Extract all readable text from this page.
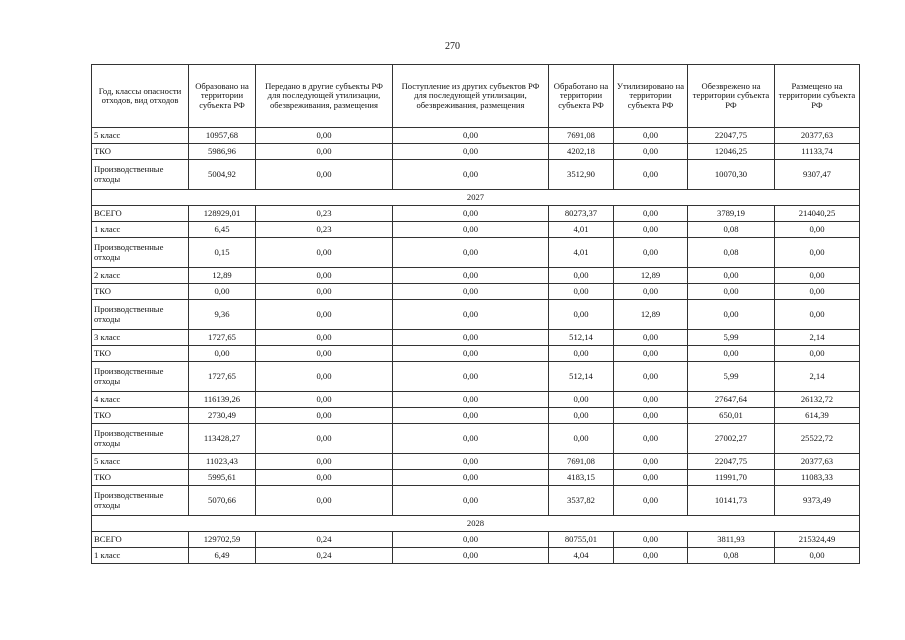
270
Год, классы опасности отходов, вид отходов	Образовано на территории субъекта РФ	Передано в другие субъекты РФ для последующей утилизации, обезвреживания, размещения	Поступление из других субъектов РФ для последующей утилизации, обезвреживания, размещения	Обработано на территории субъекта РФ	Утилизировано на территории субъекта РФ	Обезврежено на территории субъекта РФ	Размещено на территории субъекта РФ
5 класс	10957,68	0,00	0,00	7691,08	0,00	22047,75	20377,63
ТКО	5986,96	0,00	0,00	4202,18	0,00	12046,25	11133,74
Производственные отходы	5004,92	0,00	0,00	3512,90	0,00	10070,30	9307,47
2027							
ВСЕГО	128929,01	0,23	0,00	80273,37	0,00	3789,19	214040,25
1 класс	6,45	0,23	0,00	4,01	0,00	0,08	0,00
Производственные отходы	0,15	0,00	0,00	4,01	0,00	0,08	0,00
2 класс	12,89	0,00	0,00	0,00	12,89	0,00	0,00
ТКО	0,00	0,00	0,00	0,00	0,00	0,00	0,00
Производственные отходы	9,36	0,00	0,00	0,00	12,89	0,00	0,00
3 класс	1727,65	0,00	0,00	512,14	0,00	5,99	2,14
ТКО	0,00	0,00	0,00	0,00	0,00	0,00	0,00
Производственные отходы	1727,65	0,00	0,00	512,14	0,00	5,99	2,14
4 класс	116139,26	0,00	0,00	0,00	0,00	27647,64	26132,72
ТКО	2730,49	0,00	0,00	0,00	0,00	650,01	614,39
Производственные отходы	113428,27	0,00	0,00	0,00	0,00	27002,27	25522,72
5 класс	11023,43	0,00	0,00	7691,08	0,00	22047,75	20377,63
ТКО	5995,61	0,00	0,00	4183,15	0,00	11991,70	11083,33
Производственные отходы	5070,66	0,00	0,00	3537,82	0,00	10141,73	9373,49
2028							
ВСЕГО	129702,59	0,24	0,00	80755,01	0,00	3811,93	215324,49
1 класс	6,49	0,24	0,00	4,04	0,00	0,08	0,00
